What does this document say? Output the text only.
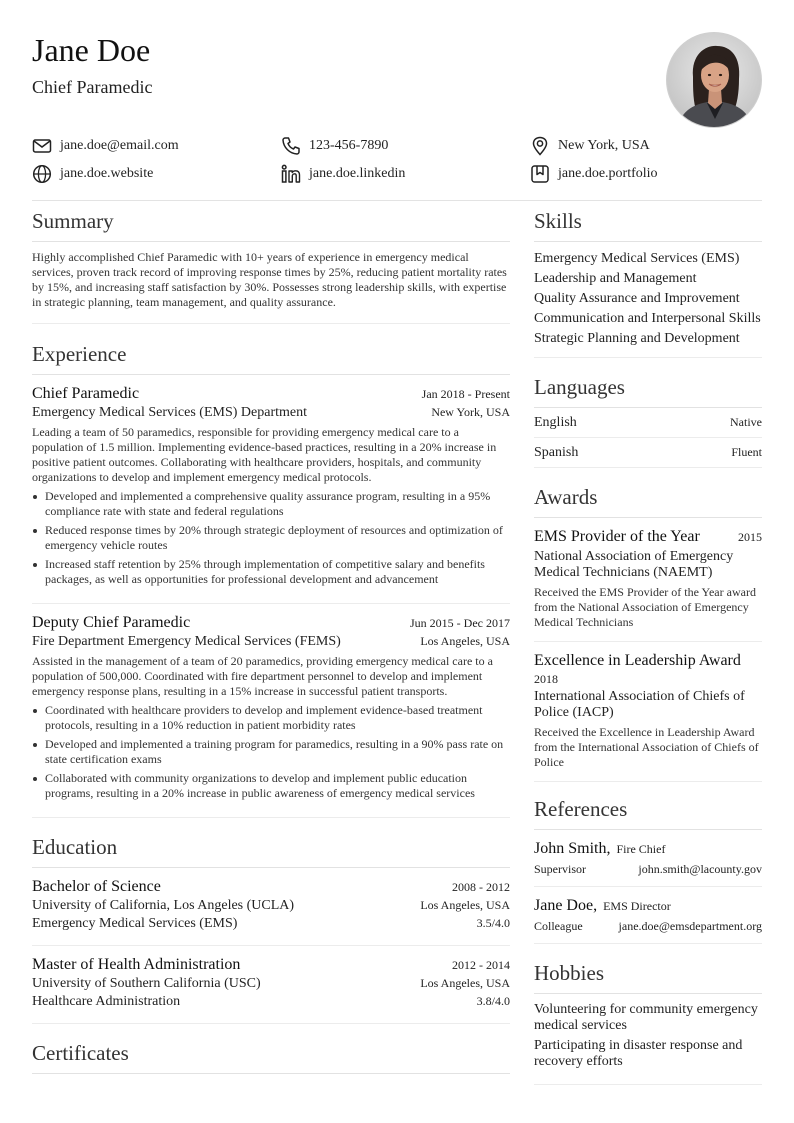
Jane Doe
Chief Paramedic
jane.doe@email.com	123-456-7890	New York, USA
jane.doe.website	jane.doe.linkedin	jane.doe.portfolio
Summary
Highly accomplished Chief Paramedic with 10+ years of experience in emergency medical services, proven track record of improving response times by 25%, reducing patient mortality rates by 15%, and increasing staff satisfaction by 30%. Possesses strong leadership skills, with expertise in strategic planning, team management, and quality assurance.
Experience
Chief Paramedic	Jan 2018 - Present
Emergency Medical Services (EMS) Department	New York, USA
Leading a team of 50 paramedics, responsible for providing emergency medical care to a population of 1.5 million. Implementing evidence-based practices, resulting in a 20% increase in positive patient outcomes. Collaborating with healthcare providers, hospitals, and community organizations to develop and implement emergency medical protocols.
Developed and implemented a comprehensive quality assurance program, resulting in a 95% compliance rate with state and federal regulations
Reduced response times by 20% through strategic deployment of resources and optimization of emergency vehicle routes
Increased staff retention by 25% through implementation of competitive salary and benefits packages, as well as opportunities for professional development and advancement
Deputy Chief Paramedic	Jun 2015 - Dec 2017
Fire Department Emergency Medical Services (FEMS)	Los Angeles, USA
Assisted in the management of a team of 20 paramedics, providing emergency medical care to a population of 500,000. Coordinated with fire department personnel to develop and implement emergency response plans, resulting in a 15% increase in successful patient transports.
Coordinated with healthcare providers to develop and implement evidence-based treatment protocols, resulting in a 10% reduction in patient morbidity rates
Developed and implemented a training program for paramedics, resulting in a 90% pass rate on state certification exams
Collaborated with community organizations to develop and implement public education programs, resulting in a 20% increase in public awareness of emergency medical services
Education
Bachelor of Science	2008 - 2012
University of California, Los Angeles (UCLA)	Los Angeles, USA
Emergency Medical Services (EMS)	3.5/4.0
Master of Health Administration	2012 - 2014
University of Southern California (USC)	Los Angeles, USA
Healthcare Administration	3.8/4.0
Certificates
Skills
Emergency Medical Services (EMS)
Leadership and Management
Quality Assurance and Improvement
Communication and Interpersonal Skills
Strategic Planning and Development
Languages
English	Native
Spanish	Fluent
Awards
EMS Provider of the Year	2015
National Association of Emergency Medical Technicians (NAEMT)
Received the EMS Provider of the Year award from the National Association of Emergency Medical Technicians
Excellence in Leadership Award
2018
International Association of Chiefs of Police (IACP)
Received the Excellence in Leadership Award from the International Association of Chiefs of Police
References
John Smith, Fire Chief
Supervisor	john.smith@lacounty.gov
Jane Doe, EMS Director
Colleague	jane.doe@emsdepartment.org
Hobbies
Volunteering for community emergency medical services
Participating in disaster response and recovery efforts
